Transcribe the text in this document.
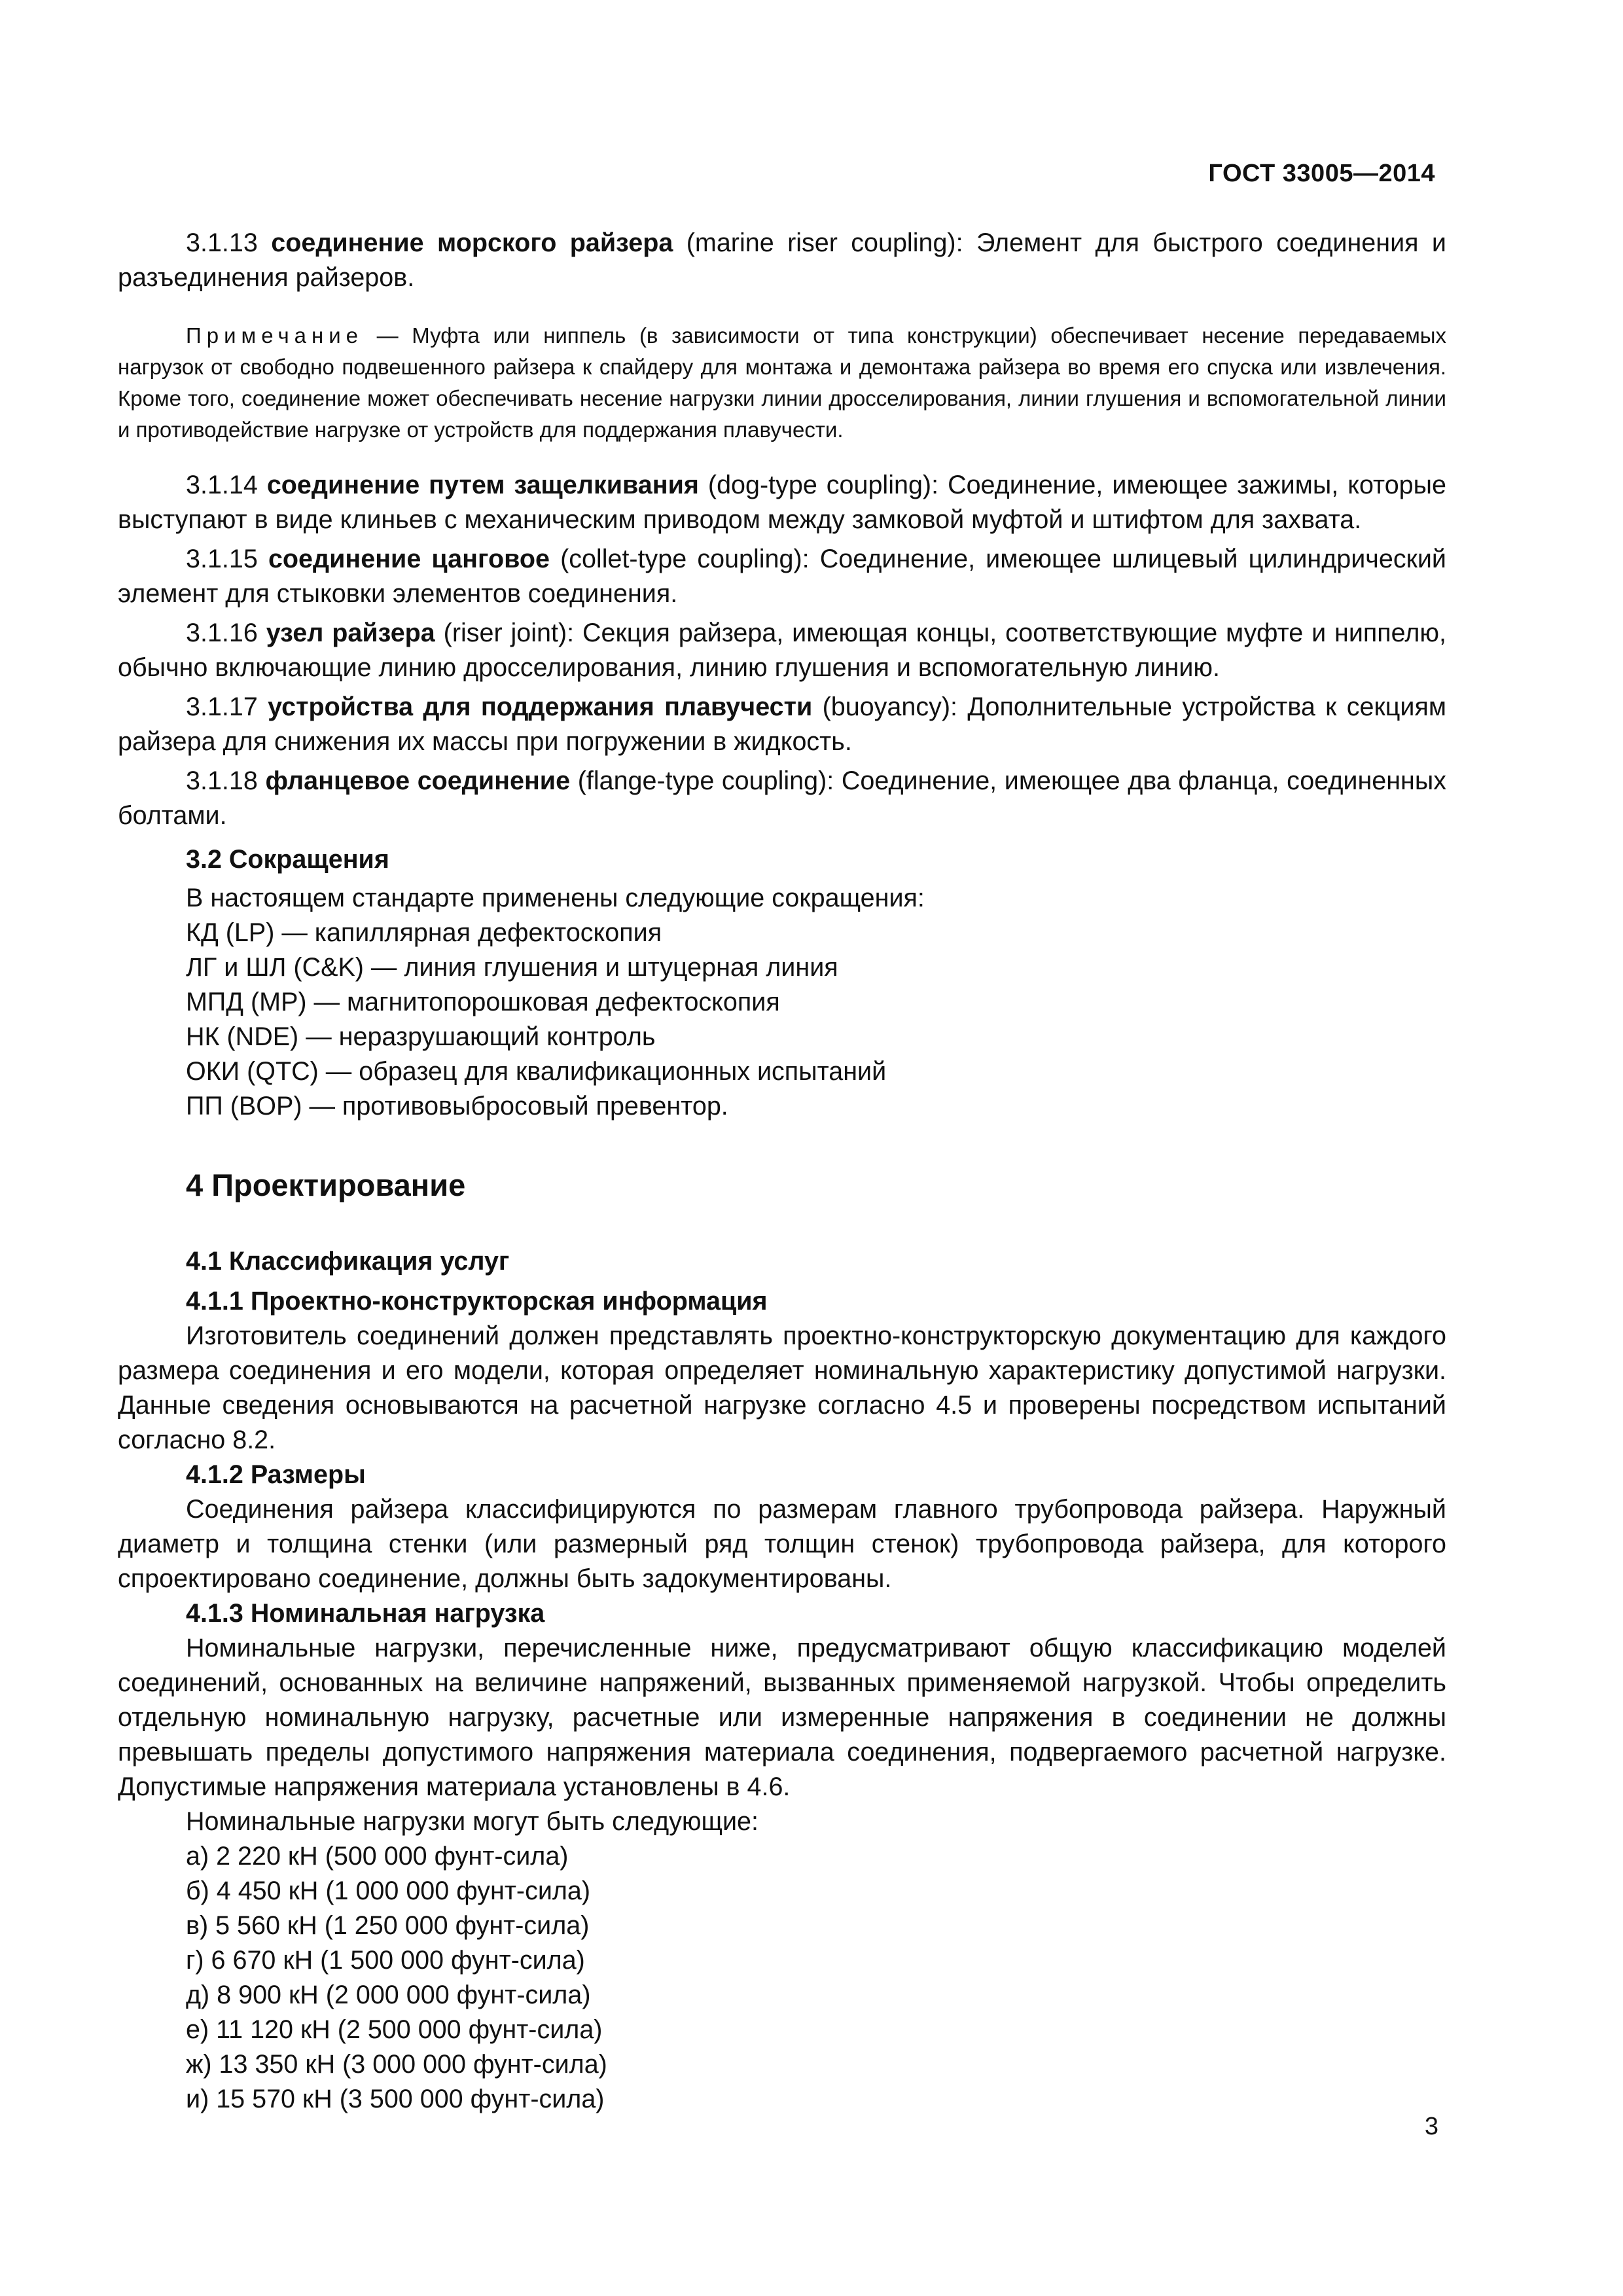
ГОСТ 33005—2014

3.1.13 соединение морского райзера (marine riser coupling): Элемент для быстрого соединения и разъединения райзеров.

Примечание — Муфта или ниппель (в зависимости от типа конструкции) обеспечивает несение передаваемых нагрузок от свободно подвешенного райзера к спайдеру для монтажа и демонтажа райзера во время его спуска или извлечения. Кроме того, соединение может обеспечивать несение нагрузки линии дросселирования, линии глушения и вспомогательной линии и противодействие нагрузке от устройств для поддержания плавучести.

3.1.14 соединение путем защелкивания (dog-type coupling): Соединение, имеющее зажимы, которые выступают в виде клиньев с механическим приводом между замковой муфтой и штифтом для захвата.

3.1.15 соединение цанговое (collet-type coupling): Соединение, имеющее шлицевый цилиндрический элемент для стыковки элементов соединения.

3.1.16 узел райзера (riser joint): Секция райзера, имеющая концы, соответствующие муфте и ниппелю, обычно включающие линию дросселирования, линию глушения и вспомогательную линию.

3.1.17 устройства для поддержания плавучести (buoyancy): Дополнительные устройства к секциям райзера для снижения их массы при погружении в жидкость.

3.1.18 фланцевое соединение (flange-type coupling): Соединение, имеющее два фланца, соединенных болтами.

3.2 Сокращения

В настоящем стандарте применены следующие сокращения:

КД (LP) — капиллярная дефектоскопия
ЛГ и ШЛ (C&K) — линия глушения и штуцерная линия
МПД (MP) — магнитопорошковая дефектоскопия
НК (NDE) — неразрушающий контроль
ОКИ (QTC) — образец для квалификационных испытаний
ПП (BOP) — противовыбросовый превентор.
4 Проектирование
4.1 Классификация услуг
4.1.1 Проектно-конструкторская информация

Изготовитель соединений должен представлять проектно-конструкторскую документацию для каждого размера соединения и его модели, которая определяет номинальную характеристику допустимой нагрузки. Данные сведения основываются на расчетной нагрузке согласно 4.5 и проверены посредством испытаний согласно 8.2.

4.1.2 Размеры

Соединения райзера классифицируются по размерам главного трубопровода райзера. Наружный диаметр и толщина стенки (или размерный ряд толщин стенок) трубопровода райзера, для которого спроектировано соединение, должны быть задокументированы.

4.1.3 Номинальная нагрузка

Номинальные нагрузки, перечисленные ниже, предусматривают общую классификацию моделей соединений, основанных на величине напряжений, вызванных применяемой нагрузкой. Чтобы определить отдельную номинальную нагрузку, расчетные или измеренные напряжения в соединении не должны превышать пределы допустимого напряжения материала соединения, подвергаемого расчетной нагрузке. Допустимые напряжения материала установлены в 4.6.

Номинальные нагрузки могут быть следующие:

а) 2 220 кН (500 000 фунт-сила)
б) 4 450 кН (1 000 000 фунт-сила)
в) 5 560 кН (1 250 000 фунт-сила)
г) 6 670 кН (1 500 000 фунт-сила)
д) 8 900 кН (2 000 000 фунт-сила)
е) 11 120 кН (2 500 000 фунт-сила)
ж) 13 350 кН (3 000 000 фунт-сила)
и) 15 570 кН (3 500 000 фунт-сила)
3
